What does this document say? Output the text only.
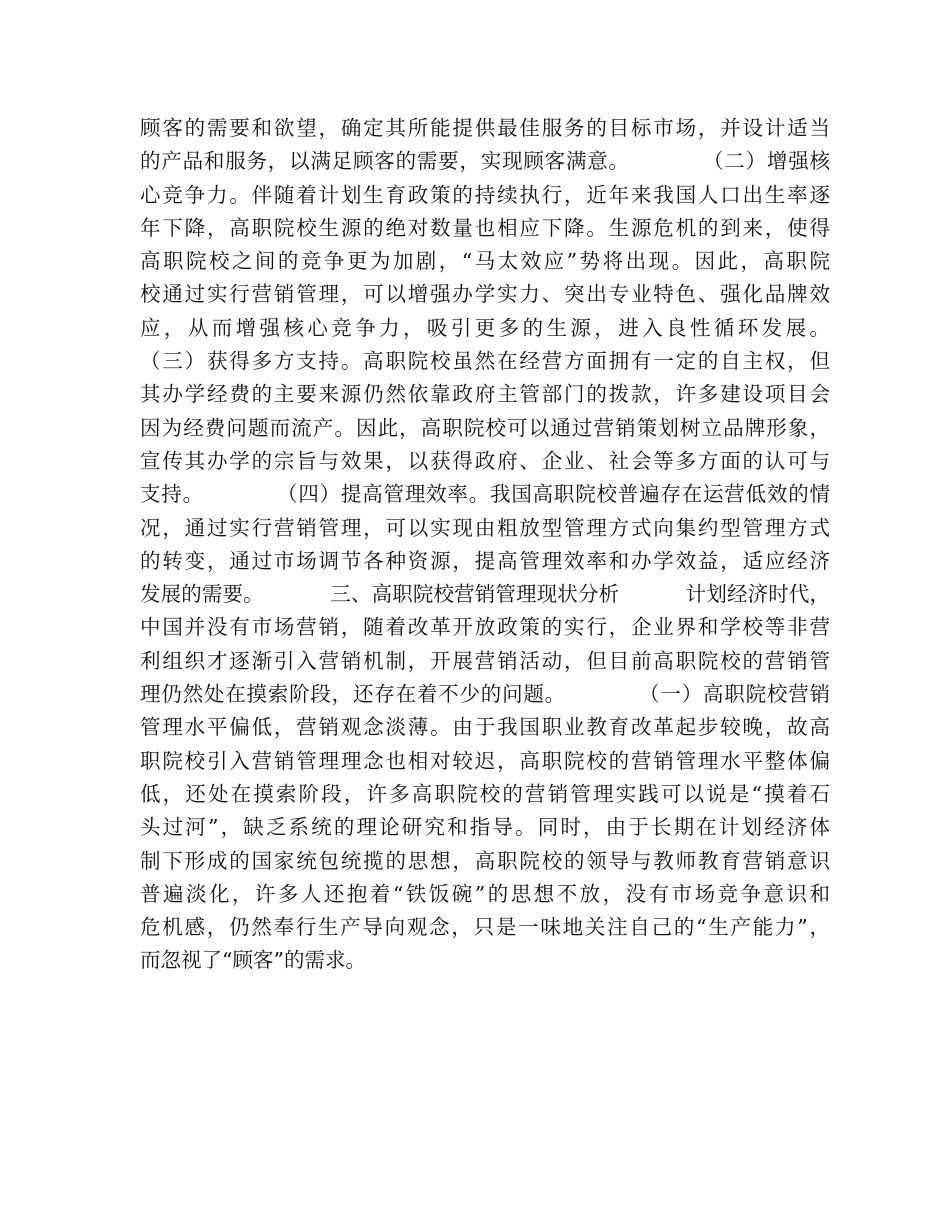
顾客的需要和欲望，确定其所能提供最佳服务的目标市场，并设计适当
的产品和服务，以满足顾客的需要，实现顾客满意。          （二）增强核
心竞争力。伴随着计划生育政策的持续执行，近年来我国人口出生率逐
年下降，高职院校生源的绝对数量也相应下降。生源危机的到来，使得
高职院校之间的竞争更为加剧，“马太效应”势将出现。因此，高职院
校通过实行营销管理，可以增强办学实力、突出专业特色、强化品牌效
应，从而增强核心竞争力，吸引更多的生源，进入良性循环发展。
（三）获得多方支持。高职院校虽然在经营方面拥有一定的自主权，但
其办学经费的主要来源仍然依靠政府主管部门的拨款，许多建设项目会
因为经费问题而流产。因此，高职院校可以通过营销策划树立品牌形象，
宣传其办学的宗旨与效果，以获得政府、企业、社会等多方面的认可与
支持。          （四）提高管理效率。我国高职院校普遍存在运营低效的情
况，通过实行营销管理，可以实现由粗放型管理方式向集约型管理方式
的转变，通过市场调节各种资源，提高管理效率和办学效益，适应经济
发展的需要。          三、高职院校营销管理现状分析          计划经济时代，
中国并没有市场营销，随着改革开放政策的实行，企业界和学校等非营
利组织才逐渐引入营销机制，开展营销活动，但目前高职院校的营销管
理仍然处在摸索阶段，还存在着不少的问题。          （一）高职院校营销
管理水平偏低，营销观念淡薄。由于我国职业教育改革起步较晚，故高
职院校引入营销管理理念也相对较迟，高职院校的营销管理水平整体偏
低，还处在摸索阶段，许多高职院校的营销管理实践可以说是“摸着石
头过河”，缺乏系统的理论研究和指导。同时，由于长期在计划经济体
制下形成的国家统包统揽的思想，高职院校的领导与教师教育营销意识
普遍淡化，许多人还抱着“铁饭碗”的思想不放，没有市场竞争意识和
危机感，仍然奉行生产导向观念，只是一味地关注自己的“生产能力”，
而忽视了“顾客”的需求。
